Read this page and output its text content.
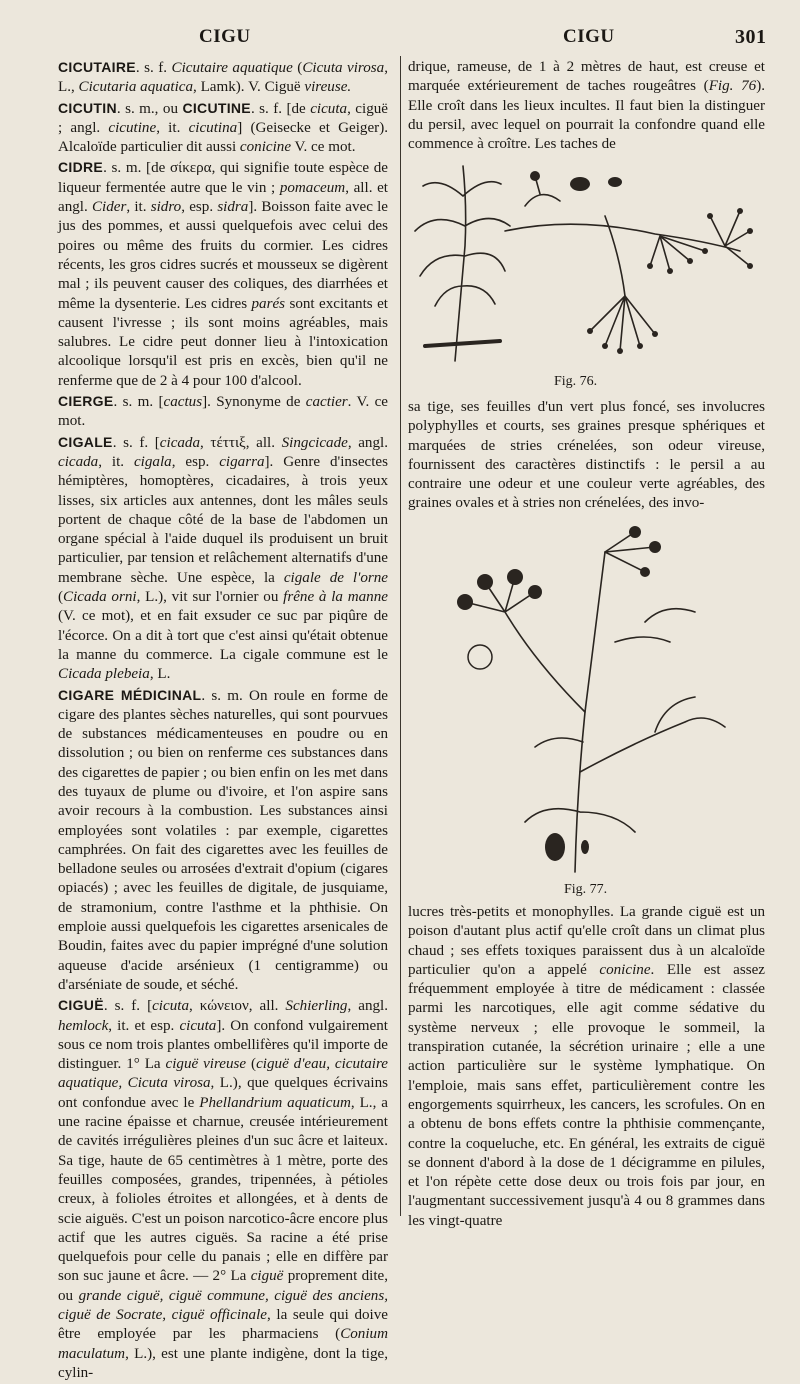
CIGU	CIGU	301

CICUTAIRE. s. f. Cicutaire aquatique (Cicuta virosa, L., Cicutaria aquatica, Lamk). V. Ciguë vireuse.

CICUTIN. s. m., ou CICUTINE. s. f. [de cicuta, ciguë ; angl. cicutine, it. cicutina] (Geisecke et Geiger). Alcaloïde particulier dit aussi conicine V. ce mot.

CIDRE. s. m. [de σίκερα, qui signifie toute espèce de liqueur fermentée autre que le vin ; pomaceum, all. et angl. Cider, it. sidro, esp. sidra]. Boisson faite avec le jus des pommes, et aussi quelquefois avec celui des poires ou même des fruits du cormier. Les cidres récents, les gros cidres sucrés et mousseux se digèrent mal ; ils peuvent causer des coliques, des diarrhées et même la dysenterie. Les cidres parés sont excitants et causent l'ivresse ; ils sont moins agréables, mais salubres. Le cidre peut donner lieu à l'intoxication alcoolique lorsqu'il est pris en excès, bien qu'il ne renferme que de 2 à 4 pour 100 d'alcool.

CIERGE. s. m. [cactus]. Synonyme de cactier. V. ce mot.

CIGALE. s. f. [cicada, τέττιξ, all. Singcicade, angl. cicada, it. cigala, esp. cigarra]. Genre d'insectes hémiptères, homoptères, cicadaires, à trois yeux lisses, six articles aux antennes, dont les mâles seuls portent de chaque côté de la base de l'abdomen un organe spécial à l'aide duquel ils produisent un bruit particulier, par tension et relâchement alternatifs d'une membrane sèche. Une espèce, la cigale de l'orne (Cicada orni, L.), vit sur l'ornier ou frêne à la manne (V. ce mot), et en fait exsuder ce suc par piqûre de l'écorce. On a dit à tort que c'est ainsi qu'était obtenue la manne du commerce. La cigale commune est le Cicada plebeia, L.

CIGARE MÉDICINAL. s. m. On roule en forme de cigare des plantes sèches naturelles, qui sont pourvues de substances médicamenteuses en poudre ou en dissolution ; ou bien on renferme ces substances dans des cigarettes de papier ; ou bien enfin on les met dans des tuyaux de plume ou d'ivoire, et l'on aspire sans avoir recours à la combustion. Les substances ainsi employées sont volatiles : par exemple, cigarettes camphrées. On fait des cigarettes avec les feuilles de belladone seules ou arrosées d'extrait d'opium (cigares opiacés) ; avec les feuilles de digitale, de jusquiame, de stramonium, contre l'asthme et la phthisie. On emploie aussi quelquefois les cigarettes arsenicales de Boudin, faites avec du papier imprégné d'une solution aqueuse d'acide arsénieux (1 centigramme) ou d'arséniate de soude, et séché.

CIGUË. s. f. [cicuta, κώνειον, all. Schierling, angl. hemlock, it. et esp. cicuta]. On confond vulgairement sous ce nom trois plantes ombellifères qu'il importe de distinguer. 1° La ciguë vireuse (ciguë d'eau, cicutaire aquatique, Cicuta virosa, L.), que quelques écrivains ont confondue avec le Phellandrium aquaticum, L., a une racine épaisse et charnue, creusée intérieurement de cavités irrégulières pleines d'un suc âcre et laiteux. Sa tige, haute de 65 centimètres à 1 mètre, porte des feuilles composées, grandes, tripennées, à pétioles creux, à folioles étroites et allongées, et à dents de scie aiguës. C'est un poison narcotico-âcre encore plus actif que les autres ciguës. Sa racine a été prise quelquefois pour celle du panais ; elle en diffère par son suc jaune et âcre. — 2° La ciguë proprement dite, ou grande ciguë, ciguë commune, ciguë des anciens, ciguë de Socrate, ciguë officinale, la seule qui doive être employée par les pharmaciens (Conium maculatum, L.), est une plante indigène, dont la tige, cylin-

drique, rameuse, de 1 à 2 mètres de haut, est creuse et marquée extérieurement de taches rougeâtres (Fig. 76). Elle croît dans les lieux incultes. Il faut bien la distinguer du persil, avec lequel on pourrait la confondre quand elle commence à croître. Les taches de
Fig. 76.
sa tige, ses feuilles d'un vert plus foncé, ses involucres polyphylles et courts, ses graines presque sphériques et marquées de stries crénelées, son odeur vireuse, fournissent des caractères distinctifs : le persil a au contraire une odeur et une couleur verte agréables, des graines ovales et à stries non crénelées, des invo-
Fig. 77.
lucres très-petits et monophylles. La grande ciguë est un poison d'autant plus actif qu'elle croît dans un climat plus chaud ; ses effets toxiques paraissent dus à un alcaloïde particulier qu'on a appelé conicine. Elle est assez fréquemment employée à titre de médicament : classée parmi les narcotiques, elle agit comme sédative du système nerveux ; elle provoque le sommeil, la transpiration cutanée, la sécrétion urinaire ; elle a une action particulière sur le système lymphatique. On l'emploie, mais sans effet, particulièrement contre les engorgements squirrheux, les cancers, les scrofules. On en a obtenu de bons effets contre la phthisie commençante, contre la coqueluche, etc. En général, les extraits de ciguë se donnent d'abord à la dose de 1 décigramme en pilules, et l'on répète cette dose deux ou trois fois par jour, en l'augmentant successivement jusqu'à 4 ou 8 grammes dans les vingt-quatre
